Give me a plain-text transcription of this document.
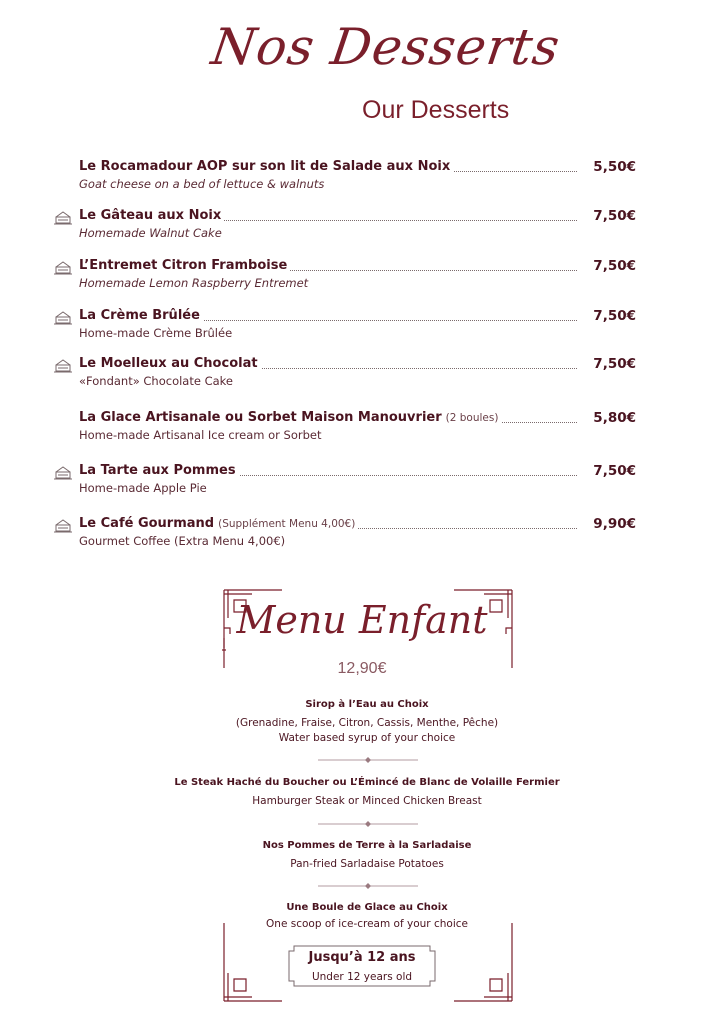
Nos Desserts
Our Desserts
Le Rocamadour AOP sur son lit de Salade aux Noix	5,50€
Goat cheese on a bed of lettuce & walnuts
Le Gâteau aux Noix	7,50€
Homemade Walnut Cake
L’Entremet Citron Framboise	7,50€
Homemade Lemon Raspberry Entremet
La Crème Brûlée	7,50€
Home-made Crème Brûlée
Le Moelleux au Chocolat	7,50€
«Fondant» Chocolate Cake
La Glace Artisanale ou Sorbet Maison Manouvrier (2 boules)	5,80€
Home-made Artisanal Ice cream or Sorbet
La Tarte aux Pommes	7,50€
Home-made Apple Pie
Le Café Gourmand (Supplément Menu 4,00€)	9,90€
Gourmet Coffee (Extra Menu 4,00€)
Menu Enfant
12,90€
Sirop à l’Eau au Choix
(Grenadine, Fraise, Citron, Cassis, Menthe, Pêche)
Water based syrup of your choice
Le Steak Haché du Boucher ou L’Émincé de Blanc de Volaille Fermier
Hamburger Steak or Minced Chicken Breast
Nos Pommes de Terre à la Sarladaise
Pan-fried Sarladaise Potatoes
Une Boule de Glace au Choix
One scoop of ice-cream of your choice
Jusqu’à 12 ans
Under 12 years old
